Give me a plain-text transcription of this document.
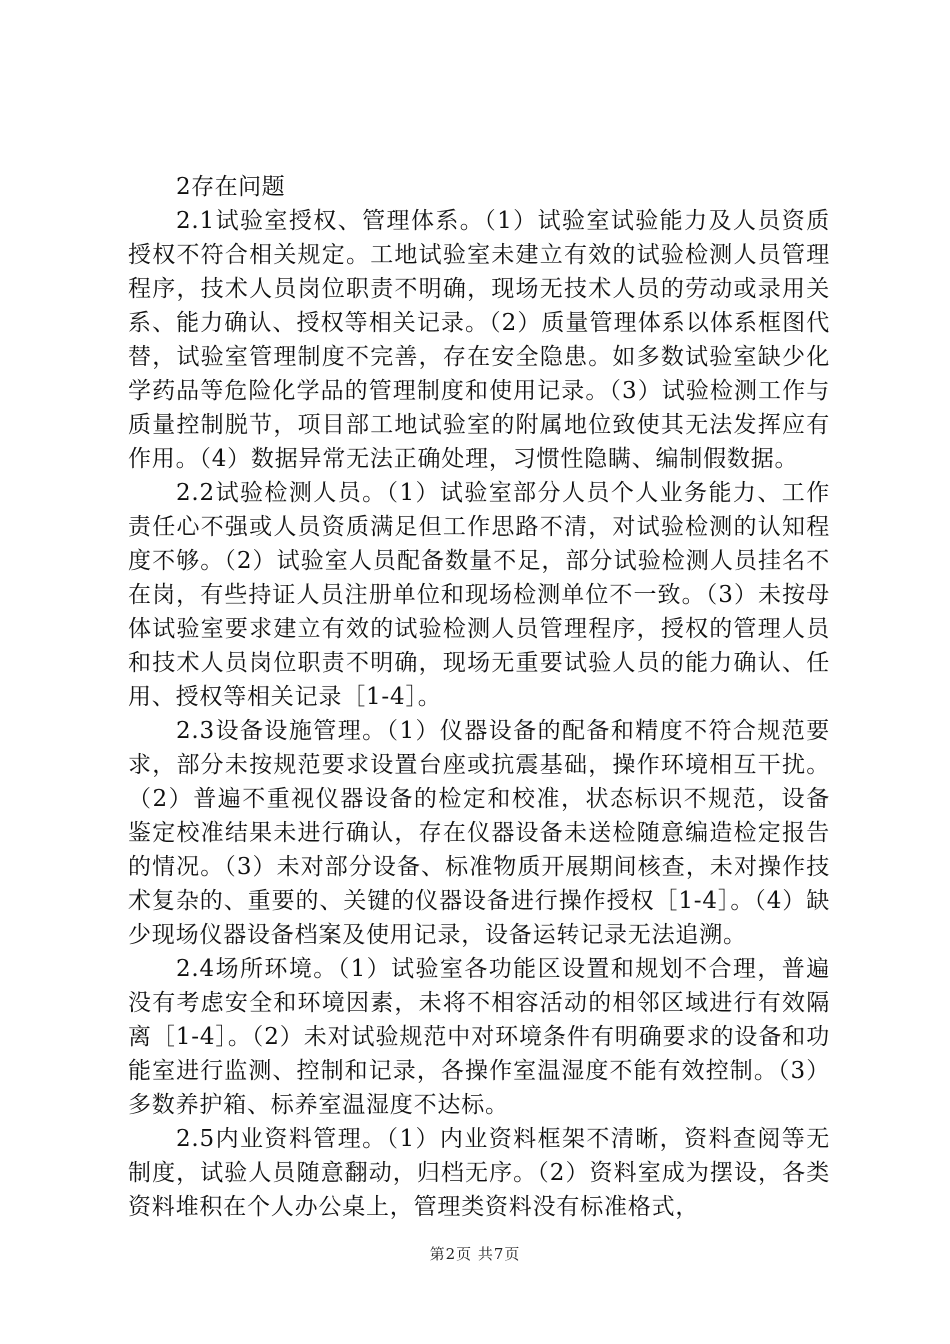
2存在问题

2.1试验室授权、管理体系。（1）试验室试验能力及人员资质授权不符合相关规定。工地试验室未建立有效的试验检测人员管理程序，技术人员岗位职责不明确，现场无技术人员的劳动或录用关系、能力确认、授权等相关记录。（2）质量管理体系以体系框图代替，试验室管理制度不完善，存在安全隐患。如多数试验室缺少化学药品等危险化学品的管理制度和使用记录。（3）试验检测工作与质量控制脱节，项目部工地试验室的附属地位致使其无法发挥应有作用。（4）数据异常无法正确处理，习惯性隐瞒、编制假数据。

2.2试验检测人员。（1）试验室部分人员个人业务能力、工作责任心不强或人员资质满足但工作思路不清，对试验检测的认知程度不够。（2）试验室人员配备数量不足，部分试验检测人员挂名不在岗，有些持证人员注册单位和现场检测单位不一致。（3）未按母体试验室要求建立有效的试验检测人员管理程序，授权的管理人员和技术人员岗位职责不明确，现场无重要试验人员的能力确认、任用、授权等相关记录［1-4］。

2.3设备设施管理。（1）仪器设备的配备和精度不符合规范要求，部分未按规范要求设置台座或抗震基础，操作环境相互干扰。（2）普遍不重视仪器设备的检定和校准，状态标识不规范，设备鉴定校准结果未进行确认，存在仪器设备未送检随意编造检定报告的情况。（3）未对部分设备、标准物质开展期间核查，未对操作技术复杂的、重要的、关键的仪器设备进行操作授权［1-4］。（4）缺少现场仪器设备档案及使用记录，设备运转记录无法追溯。

2.4场所环境。（1）试验室各功能区设置和规划不合理，普遍没有考虑安全和环境因素，未将不相容活动的相邻区域进行有效隔离［1-4］。（2）未对试验规范中对环境条件有明确要求的设备和功能室进行监测、控制和记录，各操作室温湿度不能有效控制。（3）多数养护箱、标养室温湿度不达标。

2.5内业资料管理。（1）内业资料框架不清晰，资料查阅等无制度，试验人员随意翻动，归档无序。（2）资料室成为摆设，各类资料堆积在个人办公桌上，管理类资料没有标准格式，

第2页 共7页
